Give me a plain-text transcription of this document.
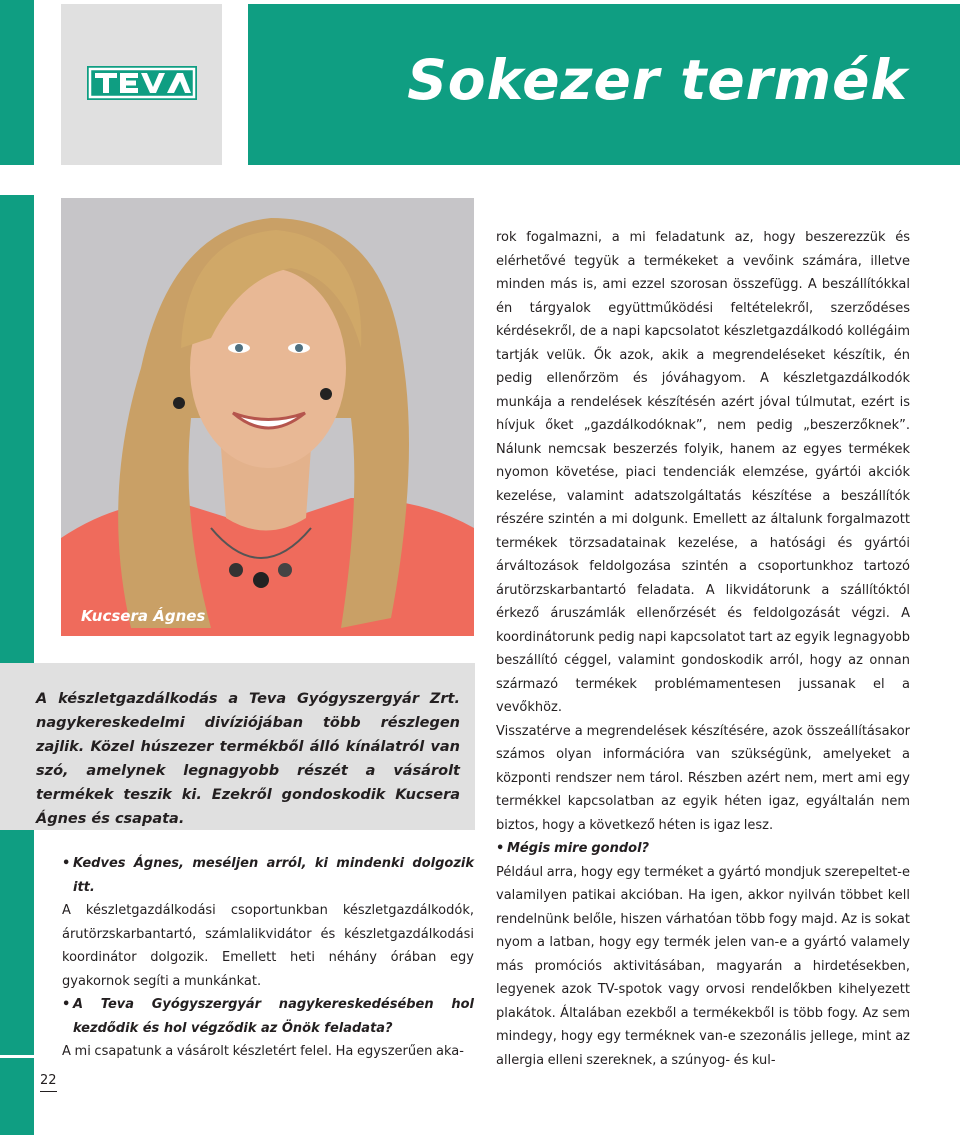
Sokezer termék
Kucsera Ágnes

A készletgazdálkodás a Teva Gyógyszergyár Zrt. nagykereskedelmi divíziójában több részlegen zajlik. Közel húszezer termékből álló kínálatról van szó, amelynek legnagyobb részét a vásárolt termékek teszik ki. Ezekről gondoskodik Kucsera Ágnes és csapata.

• Kedves Ágnes, meséljen arról, ki mindenki dolgozik itt.

A készletgazdálkodási csoportunkban készletgazdálkodók, árutörzskarbantartó, számlalikvidátor és készletgazdálkodási koordinátor dolgozik. Emellett heti néhány órában egy gyakornok segíti a munkánkat.

• A Teva Gyógyszergyár nagykereskedésében hol kezdődik és hol végződik az Önök feladata?

A mi csapatunk a vásárolt készletért felel. Ha egyszerűen aka-

rok fogalmazni, a mi feladatunk az, hogy beszerezzük és elérhetővé tegyük a termékeket a vevőink számára, illetve minden más is, ami ezzel szorosan összefügg. A beszállítókkal én tárgyalok együttműködési feltételekről, szerződéses kérdésekről, de a napi kapcsolatot készletgazdálkodó kollégáim tartják velük. Ők azok, akik a megrendeléseket készítik, én pedig ellenőrzöm és jóváhagyom. A készletgazdálkodók munkája a rendelések készítésén azért jóval túlmutat, ezért is hívjuk őket „gazdálkodóknak”, nem pedig „beszerzőknek”. Nálunk nemcsak beszerzés folyik, hanem az egyes termékek nyomon követése, piaci tendenciák elemzése, gyártói akciók kezelése, valamint adatszolgáltatás készítése a beszállítók részére szintén a mi dolgunk. Emellett az általunk forgalmazott termékek törzsadatainak kezelése, a hatósági és gyártói árváltozások feldolgozása szintén a csoportunkhoz tartozó árutörzskarbantartó feladata. A likvidátorunk a szállítóktól érkező áruszámlák ellenőrzését és feldolgozását végzi. A koordinátorunk pedig napi kapcsolatot tart az egyik legnagyobb beszállító céggel, valamint gondoskodik arról, hogy az onnan származó termékek problémamentesen jussanak el a vevőkhöz.

Visszatérve a megrendelések készítésére, azok összeállításakor számos olyan információra van szükségünk, amelyeket a központi rendszer nem tárol. Részben azért nem, mert ami egy termékkel kapcsolatban az egyik héten igaz, egyáltalán nem biztos, hogy a következő héten is igaz lesz.

• Mégis mire gondol?

Például arra, hogy egy terméket a gyártó mondjuk szerepeltet-e valamilyen patikai akcióban. Ha igen, akkor nyilván többet kell rendelnünk belőle, hiszen várhatóan több fogy majd. Az is sokat nyom a latban, hogy egy termék jelen van-e a gyártó valamely más promóciós aktivitásában, magyarán a hirdetésekben, legyenek azok TV-spotok vagy orvosi rendelőkben kihelyezett plakátok. Általában ezekből a termékekből is több fogy. Az sem mindegy, hogy egy terméknek van-e szezonális jellege, mint az allergia elleni szereknek, a szúnyog- és kul-

22
